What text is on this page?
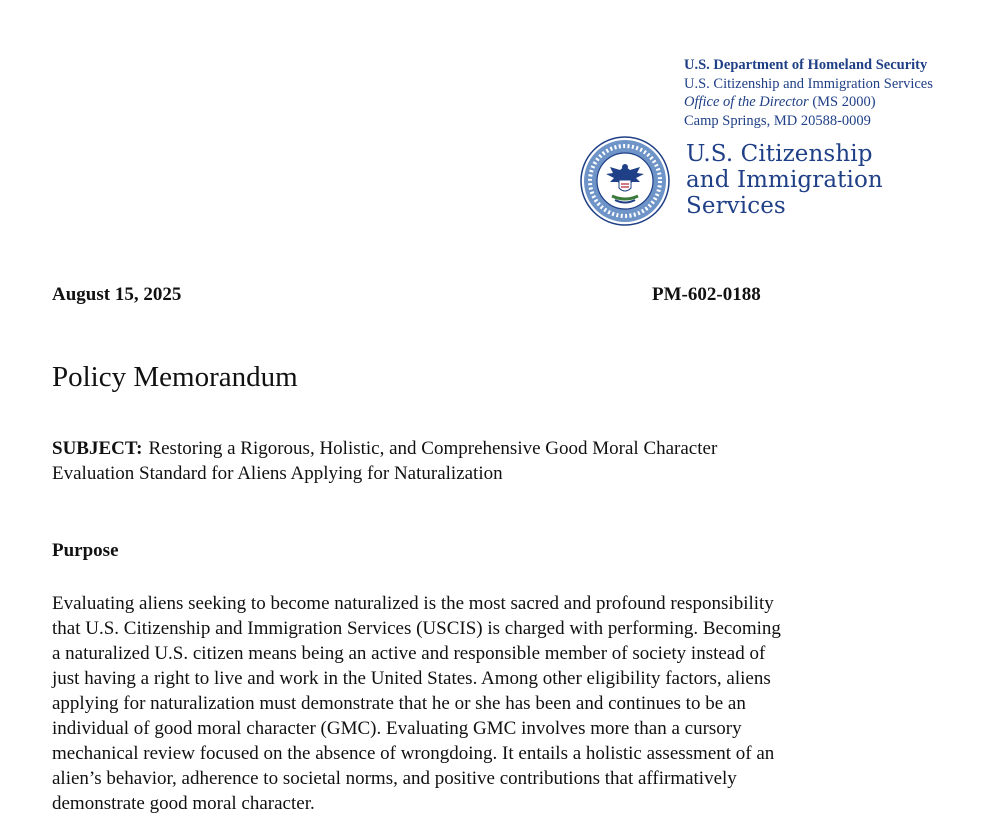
U.S. Department of Homeland Security
U.S. Citizenship and Immigration Services
Office of the Director (MS 2000)
Camp Springs, MD 20588-0009
U.S. Citizenship
and Immigration
Services
August 15, 2025	PM-602-0188
Policy Memorandum
SUBJECT: Restoring a Rigorous, Holistic, and Comprehensive Good Moral Character
Evaluation Standard for Aliens Applying for Naturalization
Purpose
Evaluating aliens seeking to become naturalized is the most sacred and profound responsibility
that U.S. Citizenship and Immigration Services (USCIS) is charged with performing. Becoming
a naturalized U.S. citizen means being an active and responsible member of society instead of
just having a right to live and work in the United States. Among other eligibility factors, aliens
applying for naturalization must demonstrate that he or she has been and continues to be an
individual of good moral character (GMC). Evaluating GMC involves more than a cursory
mechanical review focused on the absence of wrongdoing. It entails a holistic assessment of an
alien’s behavior, adherence to societal norms, and positive contributions that affirmatively
demonstrate good moral character.
